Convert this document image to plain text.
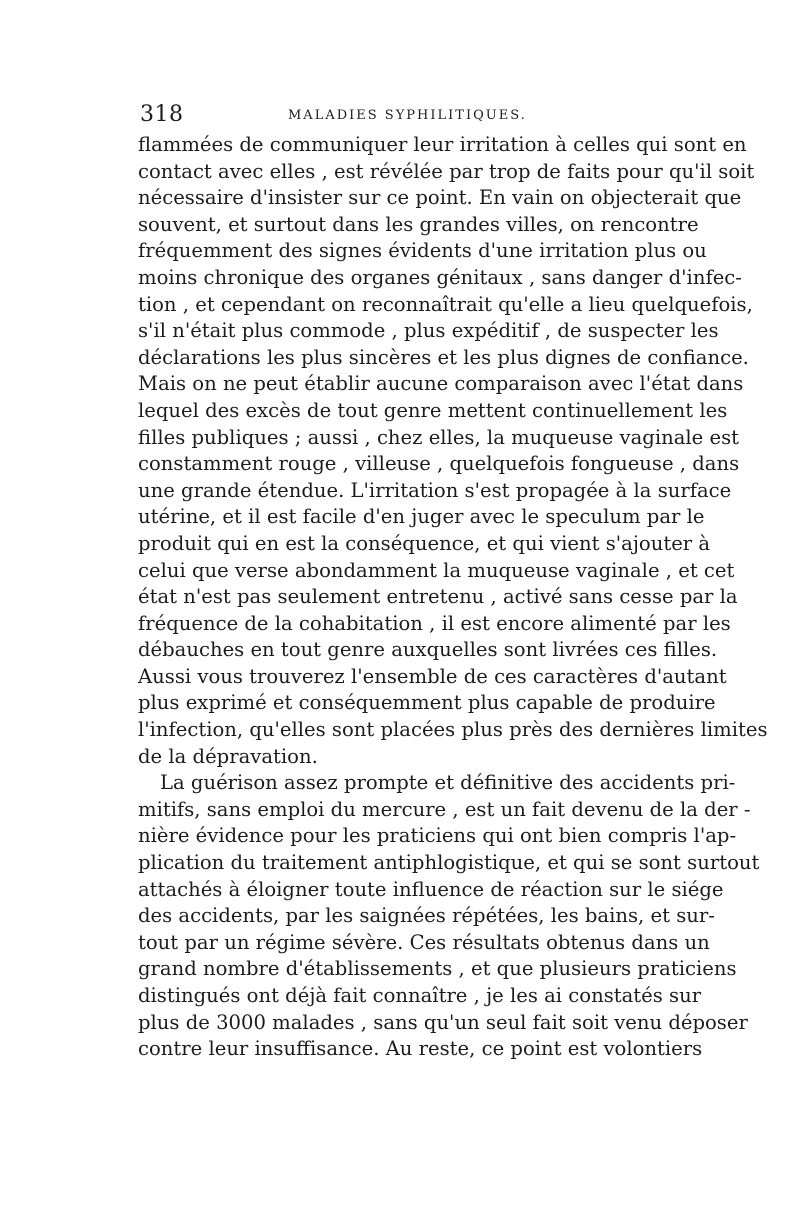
318	MALADIES SYPHILITIQUES.
flammées de communiquer leur irritation à celles qui sont en
contact avec elles , est révélée par trop de faits pour qu'il soit
nécessaire d'insister sur ce point. En vain on objecterait que
souvent, et surtout dans les grandes villes, on rencontre
fréquemment des signes évidents d'une irritation plus ou
moins chronique des organes génitaux , sans danger d'infec-
tion , et cependant on reconnaîtrait qu'elle a lieu quelquefois,
s'il n'était plus commode , plus expéditif , de suspecter les
déclarations les plus sincères et les plus dignes de confiance.
Mais on ne peut établir aucune comparaison avec l'état dans
lequel des excès de tout genre mettent continuellement les
filles publiques ; aussi , chez elles, la muqueuse vaginale est
constamment rouge , villeuse , quelquefois fongueuse , dans
une grande étendue. L'irritation s'est propagée à la surface
utérine, et il est facile d'en juger avec le speculum par le
produit qui en est la conséquence, et qui vient s'ajouter à
celui que verse abondamment la muqueuse vaginale , et cet
état n'est pas seulement entretenu , activé sans cesse par la
fréquence de la cohabitation , il est encore alimenté par les
débauches en tout genre auxquelles sont livrées ces filles.
Aussi vous trouverez l'ensemble de ces caractères d'autant
plus exprimé et conséquemment plus capable de produire
l'infection, qu'elles sont placées plus près des dernières limites
de la dépravation.
La guérison assez prompte et définitive des accidents pri-
mitifs, sans emploi du mercure , est un fait devenu de la der -
nière évidence pour les praticiens qui ont bien compris l'ap-
plication du traitement antiphlogistique, et qui se sont surtout
attachés à éloigner toute influence de réaction sur le siége
des accidents, par les saignées répétées, les bains, et sur-
tout par un régime sévère. Ces résultats obtenus dans un
grand nombre d'établissements , et que plusieurs praticiens
distingués ont déjà fait connaître , je les ai constatés sur
plus de 3000 malades , sans qu'un seul fait soit venu déposer
contre leur insuffisance. Au reste, ce point est volontiers
